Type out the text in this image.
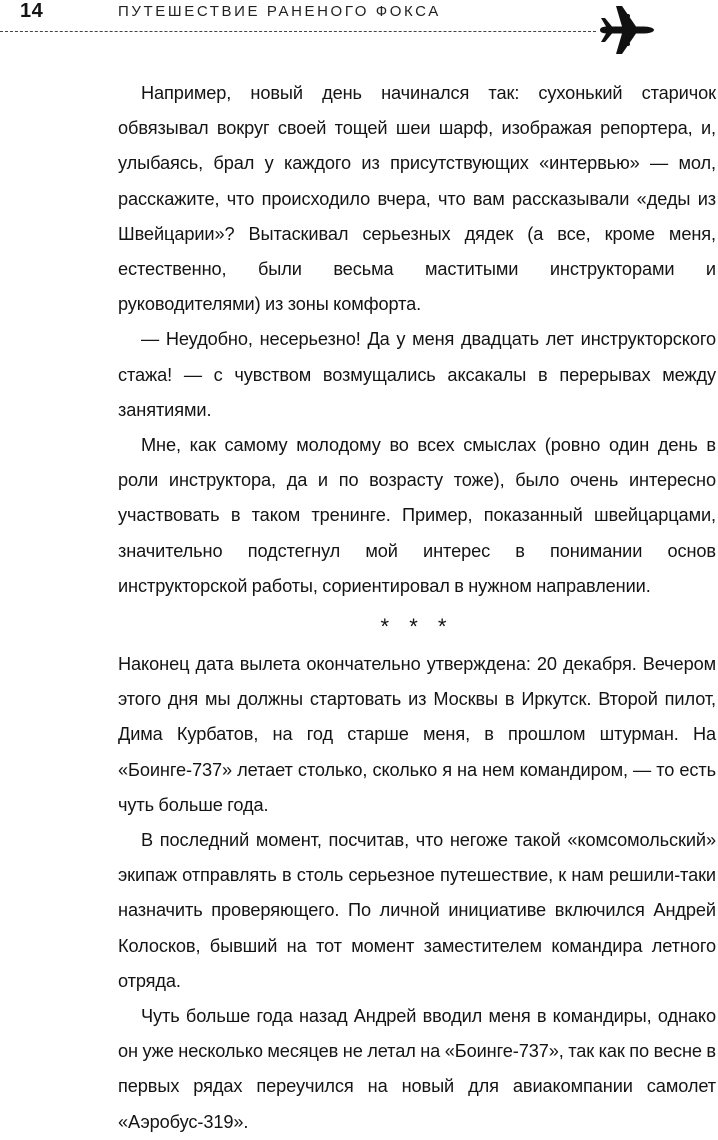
14	ПУТЕШЕСТВИЕ РАНЕНОГО ФОКСА

Например, новый день начинался так: сухонький старичок обвязывал вокруг своей тощей шеи шарф, изображая репортера, и, улыбаясь, брал у каждого из присутствующих «интервью» — мол, расскажите, что происходило вчера, что вам рассказывали «деды из Швейцарии»? Вытаскивал серьезных дядек (а все, кроме меня, естественно, были весьма маститыми инструкторами и руководителями) из зоны комфорта.

— Неудобно, несерьезно! Да у меня двадцать лет инструкторского стажа! — с чувством возмущались аксакалы в перерывах между занятиями.

Мне, как самому молодому во всех смыслах (ровно один день в роли инструктора, да и по возрасту тоже), было очень интересно участвовать в таком тренинге. Пример, показанный швейцарцами, значительно подстегнул мой интерес в понимании основ инструкторской работы, сориентировал в нужном направлении.

* * *

Наконец дата вылета окончательно утверждена: 20 декабря. Вечером этого дня мы должны стартовать из Москвы в Иркутск. Второй пилот, Дима Курбатов, на год старше меня, в прошлом штурман. На «Боинге-737» летает столько, сколько я на нем командиром, — то есть чуть больше года.

В последний момент, посчитав, что негоже такой «комсомольский» экипаж отправлять в столь серьезное путешествие, к нам решили-таки назначить проверяющего. По личной инициативе включился Андрей Колосков, бывший на тот момент заместителем командира летного отряда.

Чуть больше года назад Андрей вводил меня в командиры, однако он уже несколько месяцев не летал на «Боинге-737», так как по весне в первых рядах переучился на новый для авиакомпании самолет «Аэробус-319».
